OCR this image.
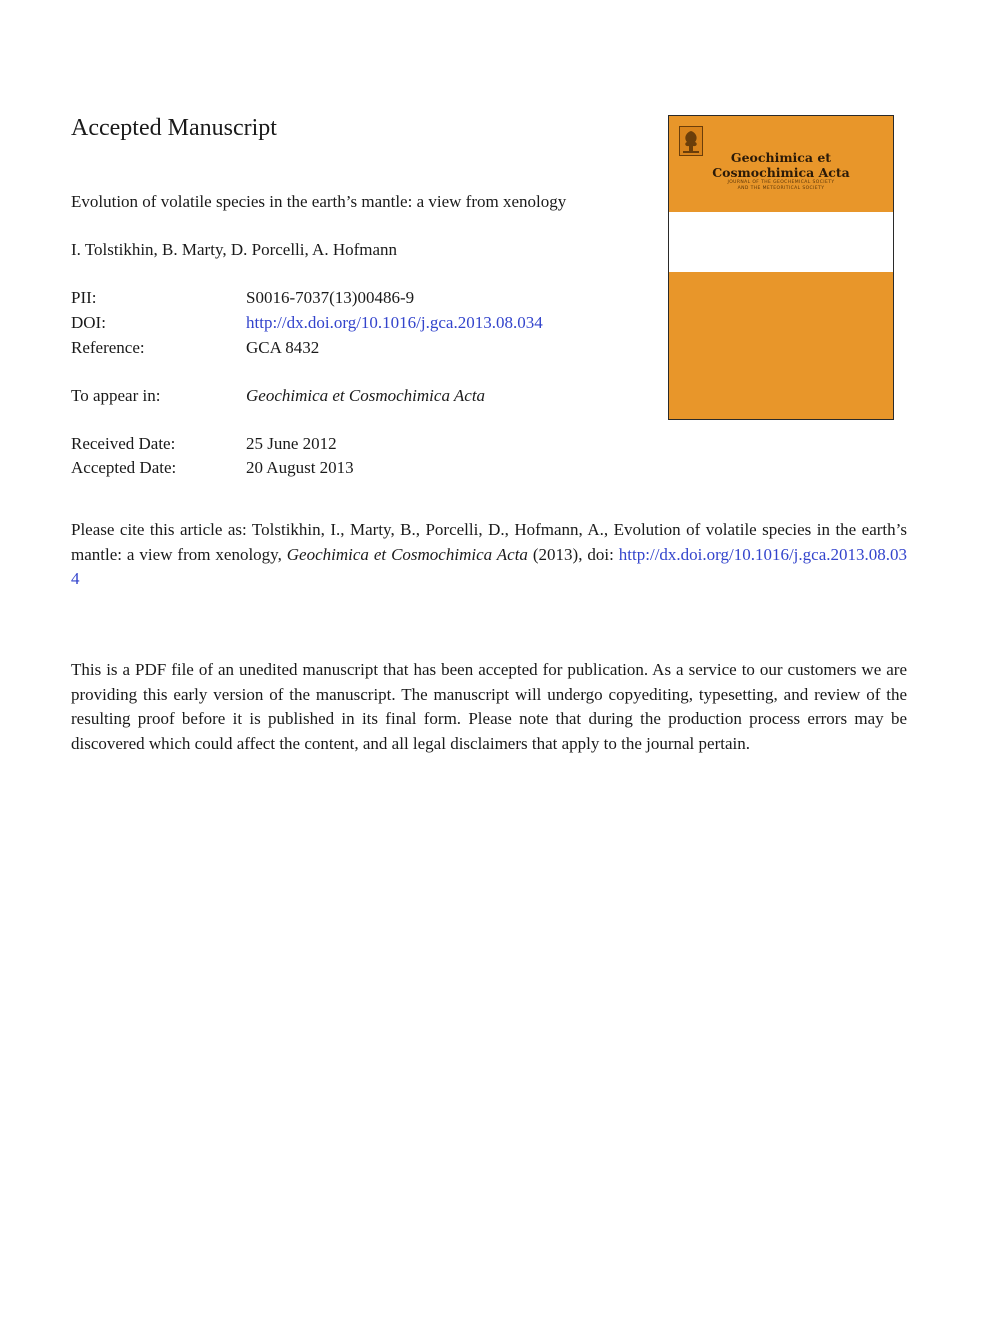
Accepted Manuscript
Evolution of volatile species in the earth’s mantle: a view from xenology
I. Tolstikhin, B. Marty, D. Porcelli, A. Hofmann
PII:	S0016-7037(13)00486-9
DOI:	http://dx.doi.org/10.1016/j.gca.2013.08.034
Reference:	GCA 8432
To appear in:	Geochimica et Cosmochimica Acta
Received Date:	25 June 2012
Accepted Date:	20 August 2013
Please cite this article as: Tolstikhin, I., Marty, B., Porcelli, D., Hofmann, A., Evolution of volatile species in the earth’s mantle: a view from xenology, Geochimica et Cosmochimica Acta (2013), doi: http://dx.doi.org/10.1016/j.gca.2013.08.034
This is a PDF file of an unedited manuscript that has been accepted for publication. As a service to our customers we are providing this early version of the manuscript. The manuscript will undergo copyediting, typesetting, and review of the resulting proof before it is published in its final form. Please note that during the production process errors may be discovered which could affect the content, and all legal disclaimers that apply to the journal pertain.
Geochimica et
Cosmochimica Acta
JOURNAL OF THE GEOCHEMICAL SOCIETY
AND THE METEORITICAL SOCIETY
